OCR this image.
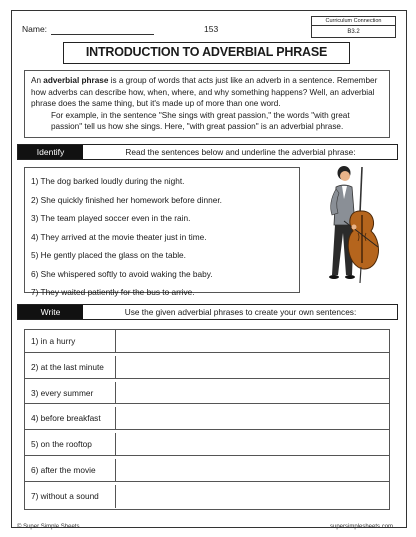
Name:	153
Curriculum Connection
B3.2
INTRODUCTION TO ADVERBIAL PHRASE

An adverbial phrase is a group of words that acts just like an adverb in a sentence. Remember how adverbs can describe how, when, where, and why something happens? Well, an adverbial phrase does the same thing, but it's made up of more than one word.

For example, in the sentence "She sings with great passion," the words "with great passion" tell us how she sings. Here, "with great passion" is an adverbial phrase.

Identify	Read the sentences below and underline the adverbial phrase:
1) The dog barked loudly during the night.
2) She quickly finished her homework before dinner.
3) The team played soccer even in the rain.
4) They arrived at the movie theater just in time.
5) He gently placed the glass on the table.
6) She whispered softly to avoid waking the baby.
7) They waited patiently for the bus to arrive.
Write	Use the given adverbial phrases to create your own sentences:
1) in a hurry
2) at the last minute
3) every summer
4) before breakfast
5) on the rooftop
6) after the movie
7) without a sound
© Super Simple Sheets	supersimplesheets.com
